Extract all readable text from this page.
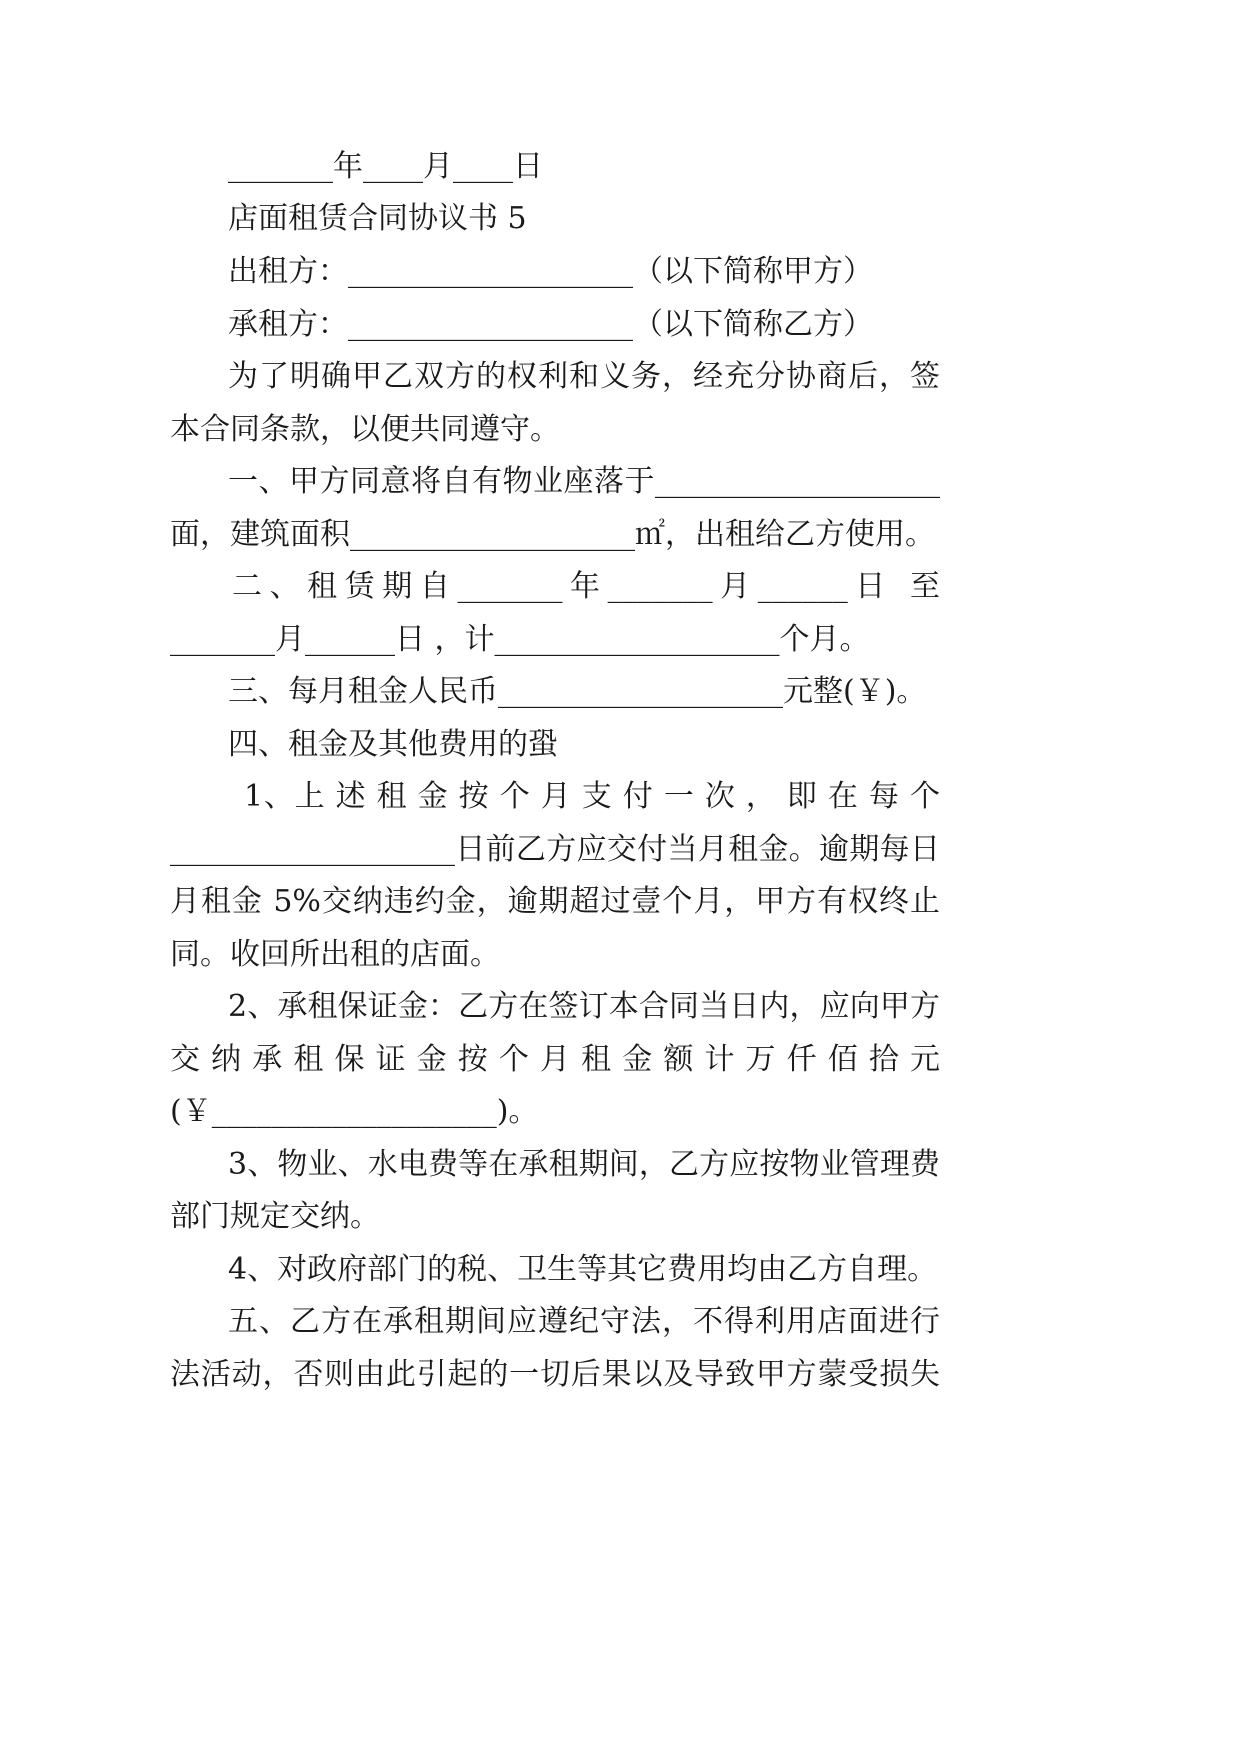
_______年____月____日

店面租赁合同协议书 5

出租方：___________________（以下简称甲方）

承租方：___________________（以下简称乙方）

为了明确甲乙双方的权利和义务，经充分协商后，签

本合同条款，以便共同遵守。

一、甲方同意将自有物业座落于___________________

面，建筑面积___________________㎡，出租给乙方使用。

二、租赁期自_______年_______月______日 至

_______月______日 ，计___________________个月。

三、每月租金人民币___________________元整(￥)。

四、租金及其他费用的蛩

1、上 述 租 金 按 个 月 支 付 一 次 ， 即 在 每 个

___________________日前乙方应交付当月租金。逾期每日

月租金 5%交纳违约金，逾期超过壹个月，甲方有权终止

同。收回所出租的店面。

2、承租保证金：乙方在签订本合同当日内，应向甲方

交 纳 承 租 保 证 金 按 个 月 租 金 额 计 万 仟 佰 拾 元

(￥___________________)。

3、物业、水电费等在承租期间，乙方应按物业管理费

部门规定交纳。

4、对政府部门的税、卫生等其它费用均由乙方自理。

五、乙方在承租期间应遵纪守法，不得利用店面进行

法活动，否则由此引起的一切后果以及导致甲方蒙受损失
